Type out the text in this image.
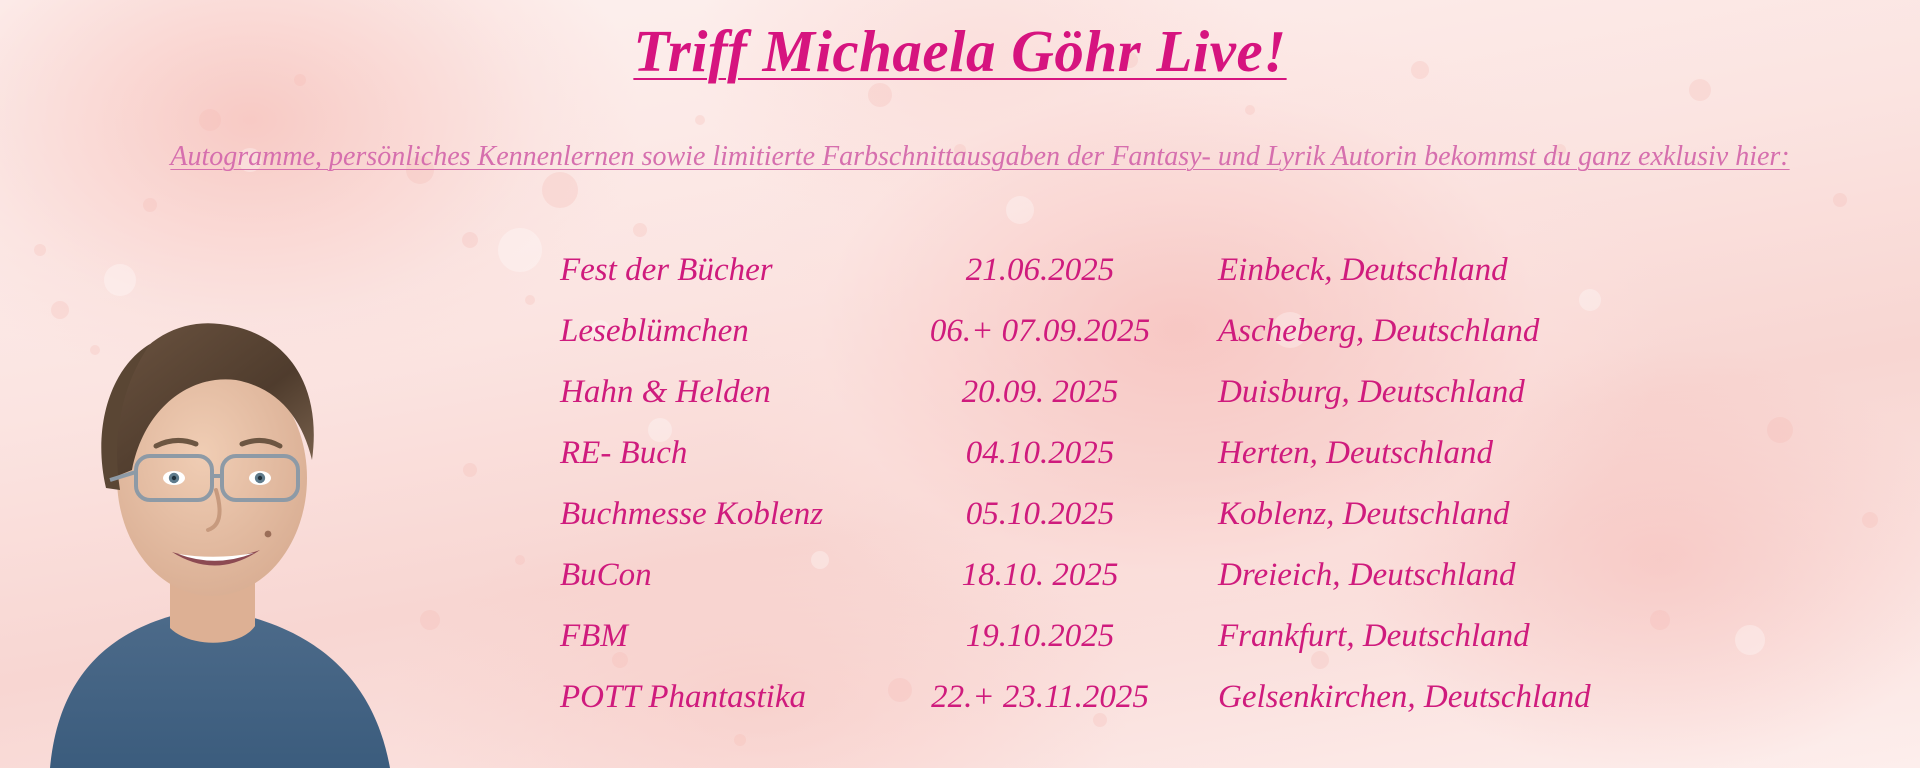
Triff Michaela Göhr Live!
Autogramme, persönliches Kennenlernen sowie limitierte Farbschnittausgaben der Fantasy- und Lyrik Autorin bekommst du ganz exklusiv hier:
Fest der Bücher	21.06.2025	Einbeck, Deutschland
Leseblümchen	06.+ 07.09.2025	Ascheberg, Deutschland
Hahn & Helden	20.09. 2025	Duisburg, Deutschland
RE- Buch	04.10.2025	Herten, Deutschland
Buchmesse Koblenz	05.10.2025	Koblenz, Deutschland
BuCon	18.10. 2025	Dreieich, Deutschland
FBM	19.10.2025	Frankfurt, Deutschland
POTT Phantastika	22.+ 23.11.2025	Gelsenkirchen, Deutschland
